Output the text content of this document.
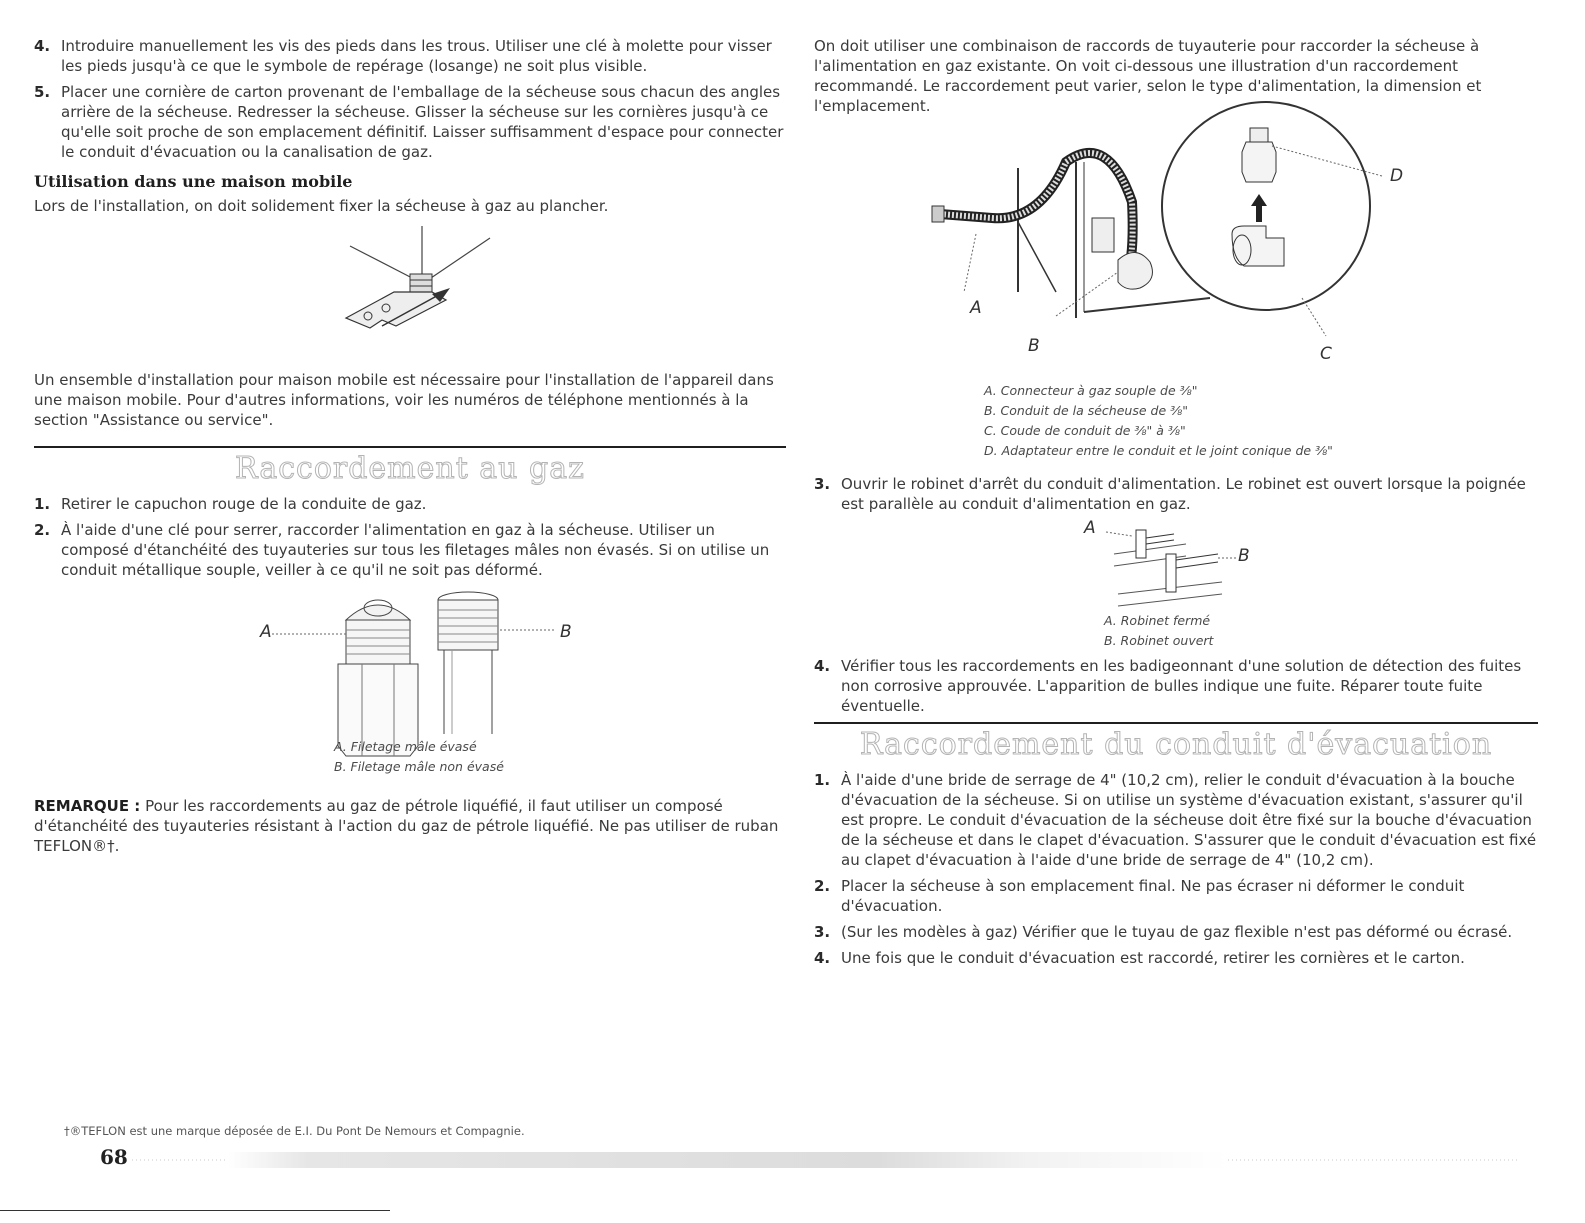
4. Introduire manuellement les vis des pieds dans les trous. Utiliser une clé à molette pour visser les pieds jusqu'à ce que le symbole de repérage (losange) ne soit plus visible.
5. Placer une cornière de carton provenant de l'emballage de la sécheuse sous chacun des angles arrière de la sécheuse. Redresser la sécheuse. Glisser la sécheuse sur les cornières jusqu'à ce qu'elle soit proche de son emplacement définitif. Laisser suffisamment d'espace pour connecter le conduit d'évacuation ou la canalisation de gaz.
Utilisation dans une maison mobile

Lors de l'installation, on doit solidement fixer la sécheuse à gaz au plancher.

Un ensemble d'installation pour maison mobile est nécessaire pour l'installation de l'appareil dans une maison mobile. Pour d'autres informations, voir les numéros de téléphone mentionnés à la section "Assistance ou service".

Raccordement au gaz
1. Retirer le capuchon rouge de la conduite de gaz.
2. À l'aide d'une clé pour serrer, raccorder l'alimentation en gaz à la sécheuse. Utiliser un composé d'étanchéité des tuyauteries sur tous les filetages mâles non évasés. Si on utilise un conduit métallique souple, veiller à ce qu'il ne soit pas déformé.
A	B
A. Filetage mâle évasé
B. Filetage mâle non évasé

REMARQUE : Pour les raccordements au gaz de pétrole liquéfié, il faut utiliser un composé d'étanchéité des tuyauteries résistant à l'action du gaz de pétrole liquéfié. Ne pas utiliser de ruban TEFLON®†.

On doit utiliser une combinaison de raccords de tuyauterie pour raccorder la sécheuse à l'alimentation en gaz existante. On voit ci-dessous une illustration d'un raccordement recommandé. Le raccordement peut varier, selon le type d'alimentation, la dimension et l'emplacement.

A
B	C
D
A. Connecteur à gaz souple de ⅜"
B. Conduit de la sécheuse de ⅜"
C. Coude de conduit de ⅜" à ⅜"
D. Adaptateur entre le conduit et le joint conique de ⅜"
3. Ouvrir le robinet d'arrêt du conduit d'alimentation. Le robinet est ouvert lorsque la poignée est parallèle au conduit d'alimentation en gaz.
A
B
A. Robinet fermé
B. Robinet ouvert
4. Vérifier tous les raccordements en les badigeonnant d'une solution de détection des fuites non corrosive approuvée. L'apparition de bulles indique une fuite. Réparer toute fuite éventuelle.
Raccordement du conduit d'évacuation
1. À l'aide d'une bride de serrage de 4" (10,2 cm), relier le conduit d'évacuation à la bouche d'évacuation de la sécheuse. Si on utilise un système d'évacuation existant, s'assurer qu'il est propre. Le conduit d'évacuation de la sécheuse doit être fixé sur la bouche d'évacuation de la sécheuse et dans le clapet d'évacuation. S'assurer que le conduit d'évacuation est fixé au clapet d'évacuation à l'aide d'une bride de serrage de 4" (10,2 cm).
2. Placer la sécheuse à son emplacement final. Ne pas écraser ni déformer le conduit d'évacuation.
3. (Sur les modèles à gaz) Vérifier que le tuyau de gaz flexible n'est pas déformé ou écrasé.
4. Une fois que le conduit d'évacuation est raccordé, retirer les cornières et le carton.
†®TEFLON est une marque déposée de E.I. Du Pont De Nemours et Compagnie.
68
